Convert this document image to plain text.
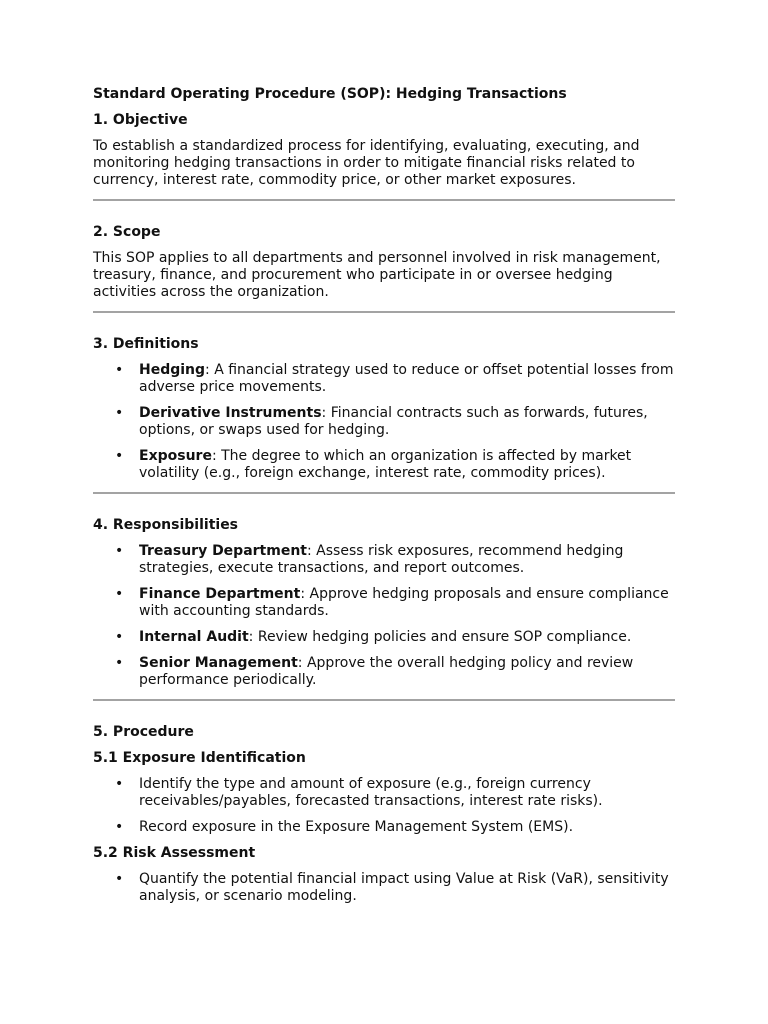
Standard Operating Procedure (SOP): Hedging Transactions
1. Objective

To establish a standardized process for identifying, evaluating, executing, and monitoring hedging transactions in order to mitigate financial risks related to currency, interest rate, commodity price, or other market exposures.

2. Scope

This SOP applies to all departments and personnel involved in risk management, treasury, finance, and procurement who participate in or oversee hedging activities across the organization.

3. Definitions
• Hedging: A financial strategy used to reduce or offset potential losses from adverse price movements.
• Derivative Instruments: Financial contracts such as forwards, futures, options, or swaps used for hedging.
• Exposure: The degree to which an organization is affected by market volatility (e.g., foreign exchange, interest rate, commodity prices).
4. Responsibilities
• Treasury Department: Assess risk exposures, recommend hedging strategies, execute transactions, and report outcomes.
• Finance Department: Approve hedging proposals and ensure compliance with accounting standards.
• Internal Audit: Review hedging policies and ensure SOP compliance.
• Senior Management: Approve the overall hedging policy and review performance periodically.
5. Procedure
5.1 Exposure Identification
• Identify the type and amount of exposure (e.g., foreign currency receivables/payables, forecasted transactions, interest rate risks).
• Record exposure in the Exposure Management System (EMS).
5.2 Risk Assessment
• Quantify the potential financial impact using Value at Risk (VaR), sensitivity analysis, or scenario modeling.
